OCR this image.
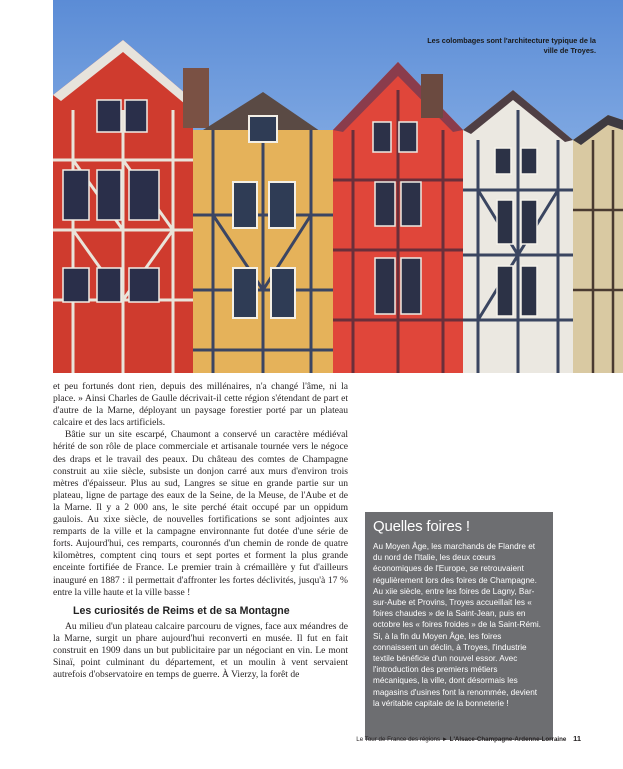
Les colombages sont l'architecture typique de la ville de Troyes.

et peu fortunés dont rien, depuis des millénaires, n'a changé l'âme, ni la place. » Ainsi Charles de Gaulle décrivait-il cette région s'étendant de part et d'autre de la Marne, déployant un paysage forestier porté par un plateau calcaire et des lacs artificiels.

Bâtie sur un site escarpé, Chaumont a conservé un caractère médiéval hérité de son rôle de place commerciale et artisanale tournée vers le négoce des draps et le travail des peaux. Du château des comtes de Champagne construit au xiie siècle, subsiste un donjon carré aux murs d'environ trois mètres d'épaisseur. Plus au sud, Langres se situe en grande partie sur un plateau, ligne de partage des eaux de la Seine, de la Meuse, de l'Aube et de la Marne. Il y a 2 000 ans, le site perché était occupé par un oppidum gaulois. Au xixe siècle, de nouvelles fortifications se sont adjointes aux remparts de la ville et la campagne environnante fut dotée d'une série de forts. Aujourd'hui, ces remparts, couronnés d'un chemin de ronde de quatre kilomètres, comptent cinq tours et sept portes et forment la plus grande enceinte fortifiée de France. Le premier train à crémaillère y fut d'ailleurs inauguré en 1887 : il permettait d'affronter les fortes déclivités, jusqu'à 17 % entre la ville haute et la ville basse !

Les curiosités de Reims et de sa Montagne

Au milieu d'un plateau calcaire parcouru de vignes, face aux méandres de la Marne, surgit un phare aujourd'hui reconverti en musée. Il fut en fait construit en 1909 dans un but publicitaire par un négociant en vin. Le mont Sinaï, point culminant du département, et un moulin à vent servaient autrefois d'observatoire en temps de guerre. À Vierzy, la forêt de

Quelles foires !
Au Moyen Âge, les marchands de Flandre et du nord de l'Italie, les deux cœurs économiques de l'Europe, se retrouvaient régulièrement lors des foires de Champagne. Au xiie siècle, entre les foires de Lagny, Bar-sur-Aube et Provins, Troyes accueillait les « foires chaudes » de la Saint-Jean, puis en octobre les « foires froides » de la Saint-Rémi. Si, à la fin du Moyen Âge, les foires connaissent un déclin, à Troyes, l'industrie textile bénéficie d'un nouvel essor. Avec l'introduction des premiers métiers mécaniques, la ville, dont désormais les magasins d'usines font la renommée, devient la véritable capitale de la bonneterie !
Le Tour de France des régions ► L'Alsace-Champagne-Ardenne-Lorraine 11
